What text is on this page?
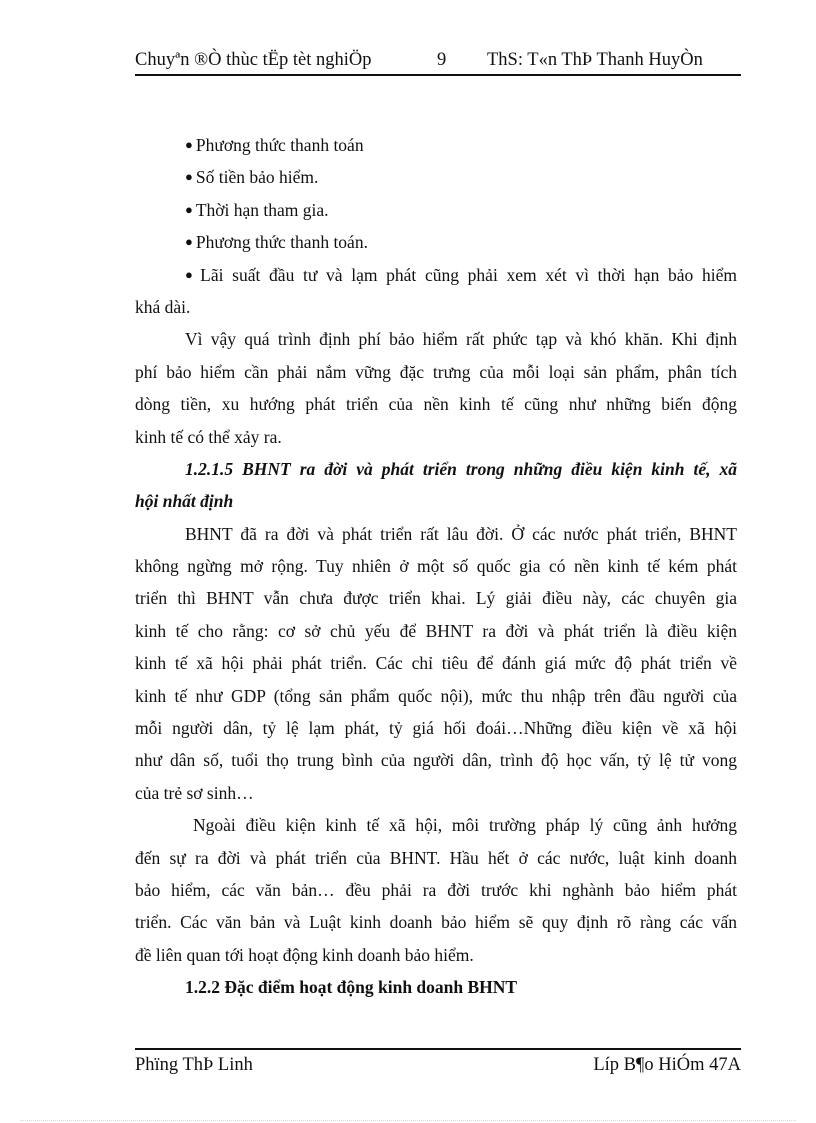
Chuyªn ®Ò thùc tËp tèt nghiÖp	9 ThS: T«n ThÞ Thanh HuyÒn
● Phương thức thanh toán
● Số tiền bảo hiểm.
● Thời hạn tham gia.
● Phương thức thanh toán.
● Lãi suất đầu tư và lạm phát cũng phải xem xét vì thời hạn bảo hiểm
khá dài.
Vì vậy quá trình định phí bảo hiểm rất phức tạp và khó khăn. Khi định
phí bảo hiểm cần phải nắm vững đặc trưng của mỗi loại sản phẩm, phân tích
dòng tiền, xu hướng phát triển của nền kinh tế cũng như những biến động
kinh tế có thể xảy ra.
1.2.1.5 BHNT ra đời và phát triển trong những điều kiện kinh tế, xã
hội nhất định
BHNT đã ra đời và phát triển rất lâu đời. Ở các nước phát triển, BHNT
không ngừng mở rộng. Tuy nhiên ở một số quốc gia có nền kinh tế kém phát
triển thì BHNT vẫn chưa được triển khai. Lý giải điều này, các chuyên gia
kinh tế cho rằng: cơ sở chủ yếu để BHNT ra đời và phát triển là điều kiện
kinh tế xã hội phải phát triển. Các chỉ tiêu để đánh giá mức độ phát triển về
kinh tế như GDP (tổng sản phẩm quốc nội), mức thu nhập trên đầu người của
mỗi người dân, tỷ lệ lạm phát, tỷ giá hối đoái…Những điều kiện về xã hội
như dân số, tuổi thọ trung bình của người dân, trình độ học vấn, tỷ lệ tử vong
của trẻ sơ sinh…
Ngoài điều kiện kinh tế xã hội, môi trường pháp lý cũng ảnh hưởng
đến sự ra đời và phát triển của BHNT. Hầu hết ở các nước, luật kinh doanh
bảo hiểm, các văn bản… đều phải ra đời trước khi nghành bảo hiểm phát
triển. Các văn bản và Luật kinh doanh bảo hiểm sẽ quy định rõ ràng các vấn
đề liên quan tới hoạt động kinh doanh bảo hiểm.
1.2.2 Đặc điểm hoạt động kinh doanh BHNT
Phïng ThÞ Linh	Líp B¶o HiÓm 47A
